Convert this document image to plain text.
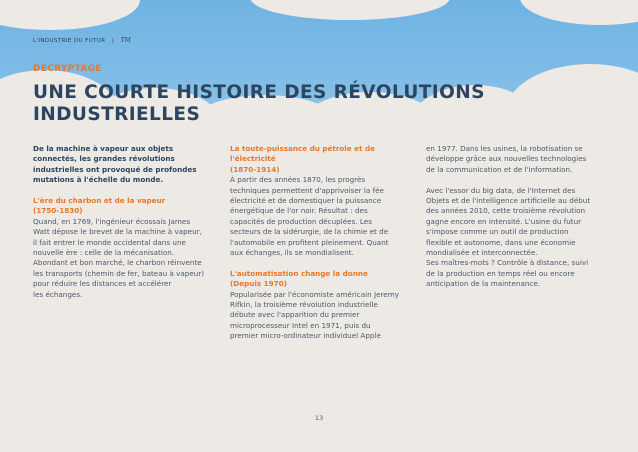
L'INDUSTRIE DU FUTUR | TM
DÉCRYPTAGE
UNE COURTE HISTOIRE DES RÉVOLUTIONS INDUSTRIELLES

De la machine à vapeur aux objets

connectés, les grandes révolutions

industrielles ont provoqué de profondes

mutations à l'échelle du monde.

L'ère du charbon et de la vapeur

(1750-1830)

Quand, en 1769, l'ingénieur écossais James

Watt dépose le brevet de la machine à vapeur,

il fait entrer le monde occidental dans une

nouvelle ère : celle de la mécanisation.

Abondant et bon marché, le charbon réinvente

les transports (chemin de fer, bateau à vapeur)

pour réduire les distances et accélérer

les échanges.

La toute-puissance du pétrole et de

l'électricité

(1870-1914)

À partir des années 1870, les progrès

techniques permettent d'apprivoiser la fée

électricité et de domestiquer la puissance

énergétique de l'or noir. Résultat : des

capacités de production décuplées. Les

secteurs de la sidérurgie, de la chimie et de

l'automobile en profitent pleinement. Quant

aux échanges, ils se mondialisent.

L'automatisation change la donne

(Depuis 1970)

Popularisée par l'économiste américain Jeremy

Rifkin, la troisième révolution industrielle

débute avec l'apparition du premier

microprocesseur Intel en 1971, puis du

premier micro-ordinateur individuel Apple

en 1977. Dans les usines, la robotisation se

développe grâce aux nouvelles technologies

de la communication et de l'information.

Avec l'essor du big data, de l'Internet des

Objets et de l'intelligence artificielle au début

des années 2010, cette troisième révolution

gagne encore en intensité. L'usine du futur

s'impose comme un outil de production

flexible et autonome, dans une économie

mondialisée et interconnectée.

Ses maîtres-mots ? Contrôle à distance, suivi

de la production en temps réel ou encore

anticipation de la maintenance.

13
